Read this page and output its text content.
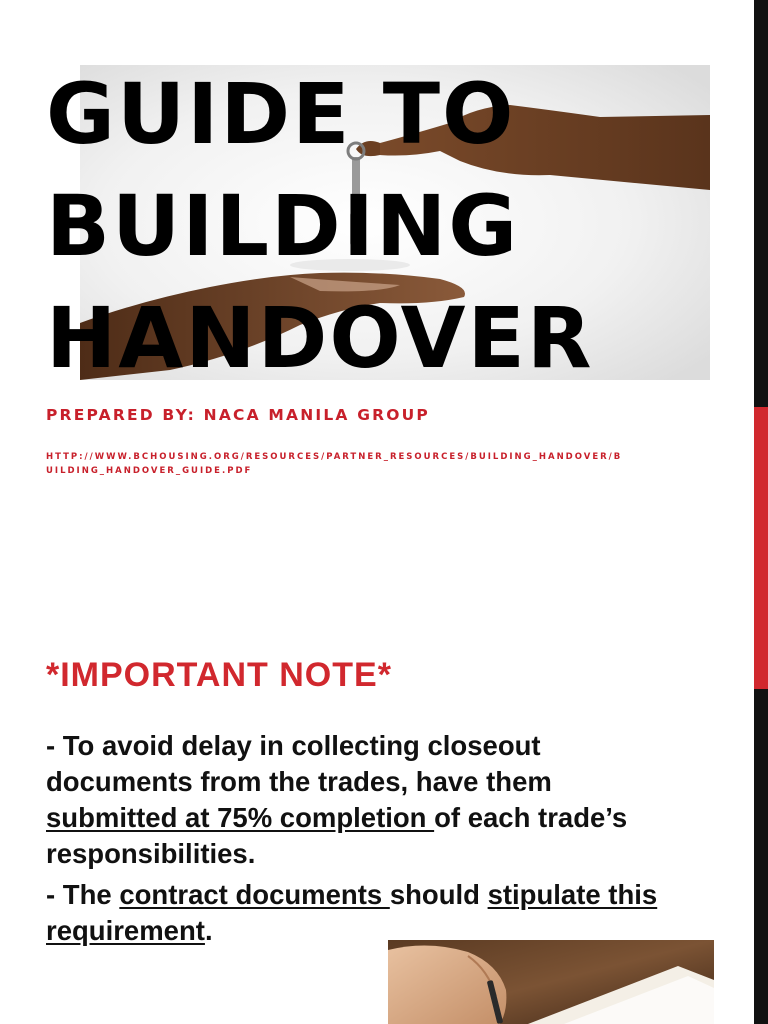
GUIDE TO
BUILDING
HANDOVER
PREPARED BY: NACA MANILA GROUP
HTTP://WWW.BCHOUSING.ORG/RESOURCES/PARTNER_RESOURCES/BUILDING_HANDOVER/BUILDING_HANDOVER_GUIDE.PDF
*IMPORTANT NOTE*

- To avoid delay in collecting closeout documents from the trades, have them submitted at 75% completion of each trade’s responsibilities.

- The contract documents should stipulate this requirement.
